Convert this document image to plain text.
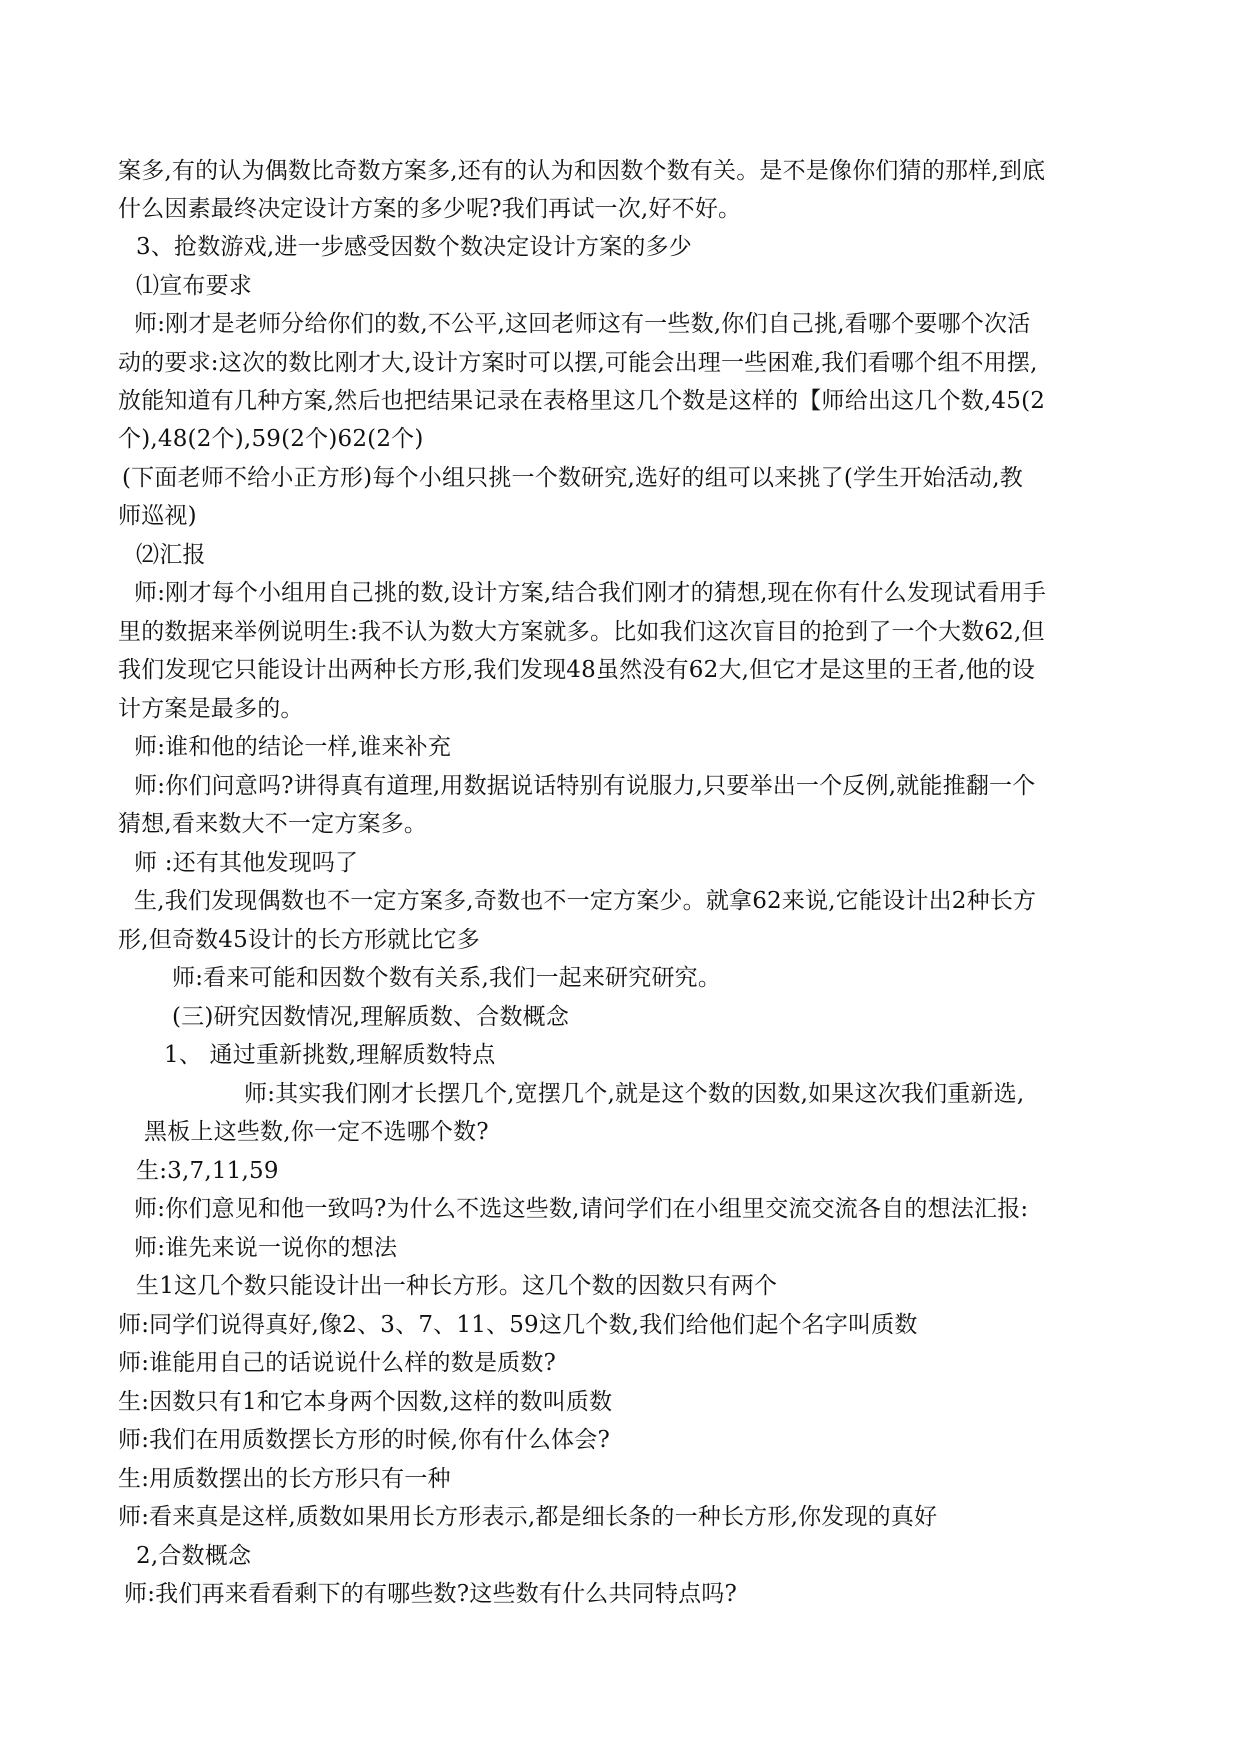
案多,有的认为偶数比奇数方案多,还有的认为和因数个数有关。是不是像你们猜的那样,到底
什么因素最终决定设计方案的多少呢?我们再试一次,好不好。
3、抢数游戏,进一步感受因数个数决定设计方案的多少
⑴宣布要求
师:刚才是老师分给你们的数,不公平,这回老师这有一些数,你们自己挑,看哪个要哪个次活
动的要求:这次的数比刚才大,设计方案时可以摆,可能会出理一些困难,我们看哪个组不用摆,
放能知道有几种方案,然后也把结果记录在表格里这几个数是这样的【师给出这几个数,45(2
个),48(2个),59(2个)62(2个)
(下面老师不给小正方形)每个小组只挑一个数研究,选好的组可以来挑了(学生开始活动,教
师巡视)
⑵汇报
师:刚才每个小组用自己挑的数,设计方案,结合我们刚才的猜想,现在你有什么发现试看用手
里的数据来举例说明生:我不认为数大方案就多。比如我们这次盲目的抢到了一个大数62,但
我们发现它只能设计出两种长方形,我们发现48虽然没有62大,但它才是这里的王者,他的设
计方案是最多的。
师:谁和他的结论一样,谁来补充
师:你们问意吗?讲得真有道理,用数据说话特别有说服力,只要举出一个反例,就能推翻一个
猜想,看来数大不一定方案多。
师 :还有其他发现吗了
生,我们发现偶数也不一定方案多,奇数也不一定方案少。就拿62来说,它能设计出2种长方
形,但奇数45设计的长方形就比它多
师:看来可能和因数个数有关系,我们一起来研究研究。
(三)研究因数情况,理解质数、合数概念
1、 通过重新挑数,理解质数特点
师:其实我们刚才长摆几个,宽摆几个,就是这个数的因数,如果这次我们重新选,
黑板上这些数,你一定不选哪个数?
生:3,7,11,59
师:你们意见和他一致吗?为什么不选这些数,请问学们在小组里交流交流各自的想法汇报:
师:谁先来说一说你的想法
生1这几个数只能设计出一种长方形。这几个数的因数只有两个
师:同学们说得真好,像2、3、7、11、59这几个数,我们给他们起个名字叫质数
师:谁能用自己的话说说什么样的数是质数?
生:因数只有1和它本身两个因数,这样的数叫质数
师:我们在用质数摆长方形的时候,你有什么体会?
生:用质数摆出的长方形只有一种
师:看来真是这样,质数如果用长方形表示,都是细长条的一种长方形,你发现的真好
2,合数概念
师:我们再来看看剩下的有哪些数?这些数有什么共同特点吗?
